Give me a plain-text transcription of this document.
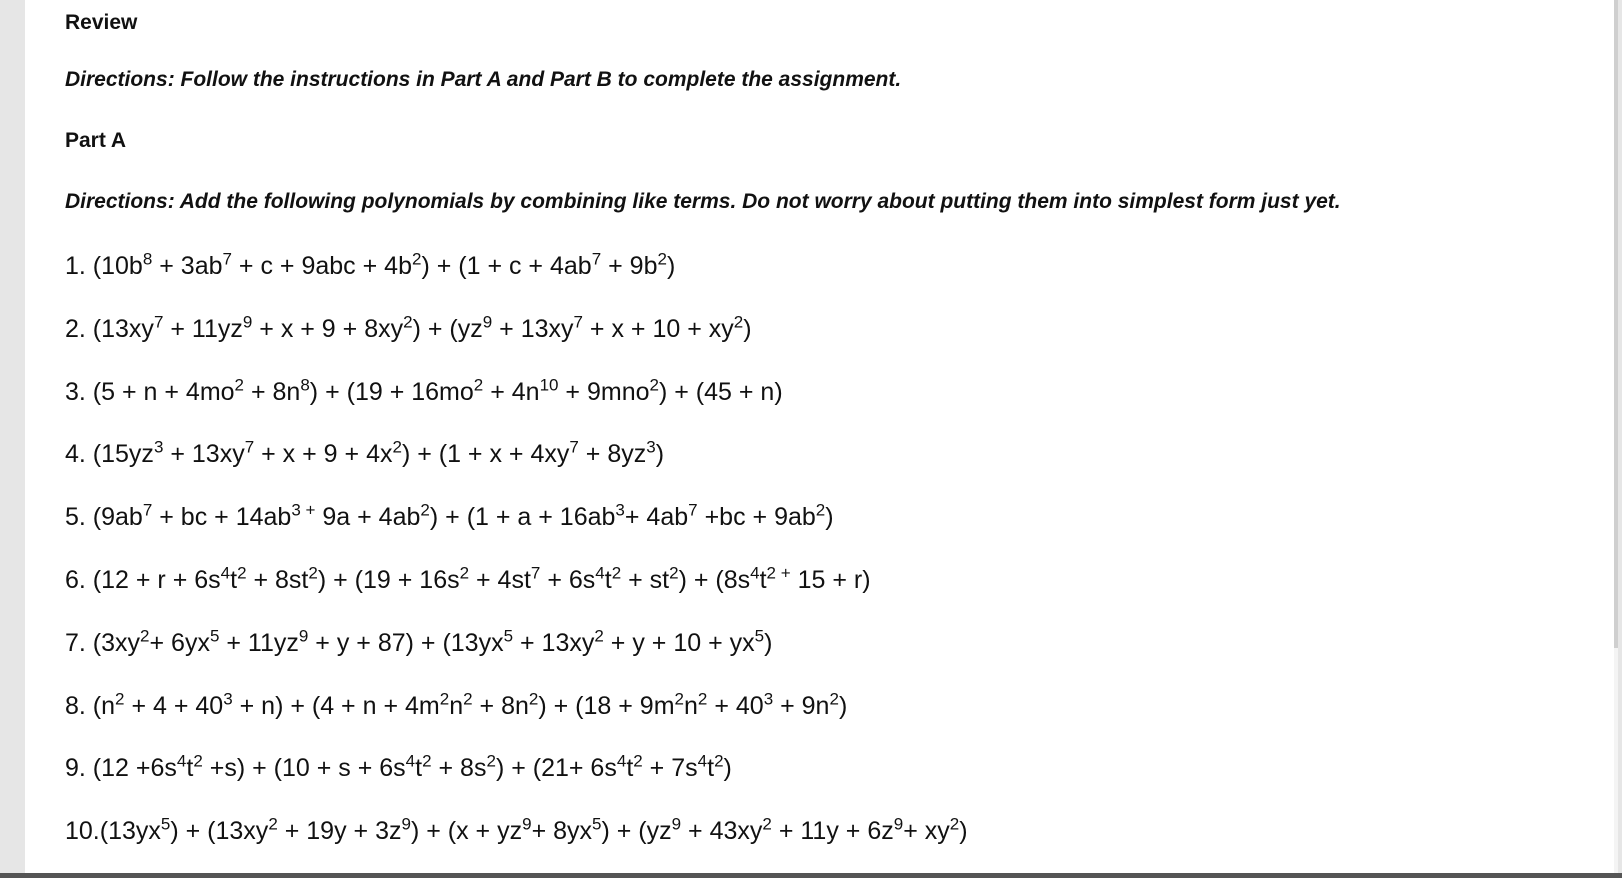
Review
Directions: Follow the instructions in Part A and Part B to complete the assignment.
Part A
Directions: Add the following polynomials by combining like terms. Do not worry about putting them into simplest form just yet.
1. $(10b^8 + 3ab^7 + c + 9abc + 4b^2) + (1 + c + 4ab^7 + 9b^2)$
2. $(13xy^7 + 11yz^9 + x + 9 + 8xy^2) + (yz^9 + 13xy^7 + x + 10 + xy^2)$
3. $(5 + n + 4mo^2 + 8n^8) + (19 + 16mo^2 + 4n^{10} + 9mno^2) + (45 + n)$
4. $(15yz^3 + 13xy^7 + x + 9 + 4x^2) + (1 + x + 4xy^7 + 8yz^3)$
5. ($9ab^7$ + bc + $14ab^{3 +}$ $9a + 4ab^2) + (1 + a + 16ab^3+ 4ab^7 +bc + 9ab^2)$
6. $(12 + r + 6s^4t^2 + 8st^2) + (19 + 16s^2 + 4st^7 + 6s^4t^2 + st^2) + (8s^4t^{2 +}$ 15 + r)
7. $(3xy^2+ 6yx^5 + 11yz^9 + y + 87) + (13yx^5 + 13xy^2 + y + 10 + yx^5)$
8. $(n^2 + 4 + 40^3 + n) + (4 + n + 4m^2n^2 + 8n^2) + (18 + 9m^2n^2 + 40^3 + 9n^2)$
9. $(12 +6s^4t^2 +s) + (10 + s + 6s^4t^2 + 8s^2) + (21+ 6s^4t^2 + 7s^4t^2)$
$10.(13yx^5) + (13xy^2 + 19y + 3z^9) + (x + yz^9+ 8yx^5) + (yz^9 + 43xy^2 + 11y + 6z^9+ xy^2)$
